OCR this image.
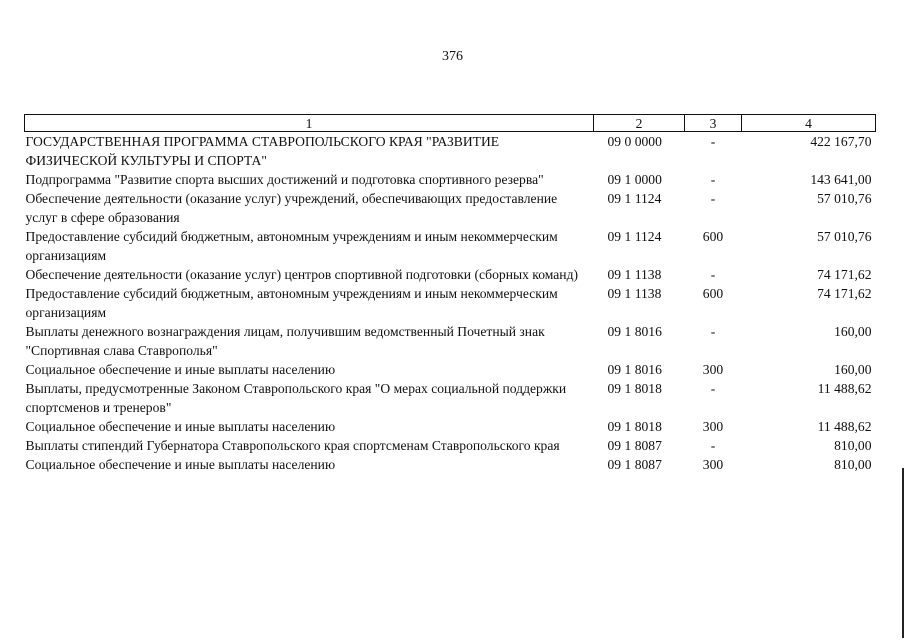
376
1	2	3	4
ГОСУДАРСТВЕННАЯ ПРОГРАММА СТАВРОПОЛЬСКОГО КРАЯ "РАЗВИТИЕ ФИЗИЧЕСКОЙ КУЛЬТУРЫ И СПОРТА"	09 0 0000	-	422 167,70
Подпрограмма "Развитие спорта высших достижений и подготовка спортивного резерва"	09 1 0000	-	143 641,00
Обеспечение деятельности (оказание услуг) учреждений, обеспечивающих предоставление услуг в сфере образования	09 1 1124	-	57 010,76
Предоставление субсидий бюджетным, автономным учреждениям и иным некоммерческим организациям	09 1 1124	600	57 010,76
Обеспечение деятельности (оказание услуг) центров спортивной подготовки (сборных команд)	09 1 1138	-	74 171,62
Предоставление субсидий бюджетным, автономным учреждениям и иным некоммерческим организациям	09 1 1138	600	74 171,62
Выплаты денежного вознаграждения лицам, получившим ведомственный Почетный знак "Спортивная слава Ставрополья"	09 1 8016	-	160,00
Социальное обеспечение и иные выплаты населению	09 1 8016	300	160,00
Выплаты, предусмотренные Законом Ставропольского края "О мерах социальной поддержки спортсменов и тренеров"	09 1 8018	-	11 488,62
Социальное обеспечение и иные выплаты населению	09 1 8018	300	11 488,62
Выплаты стипендий Губернатора Ставропольского края спортсменам Ставропольского края	09 1 8087	-	810,00
Социальное обеспечение и иные выплаты населению	09 1 8087	300	810,00
